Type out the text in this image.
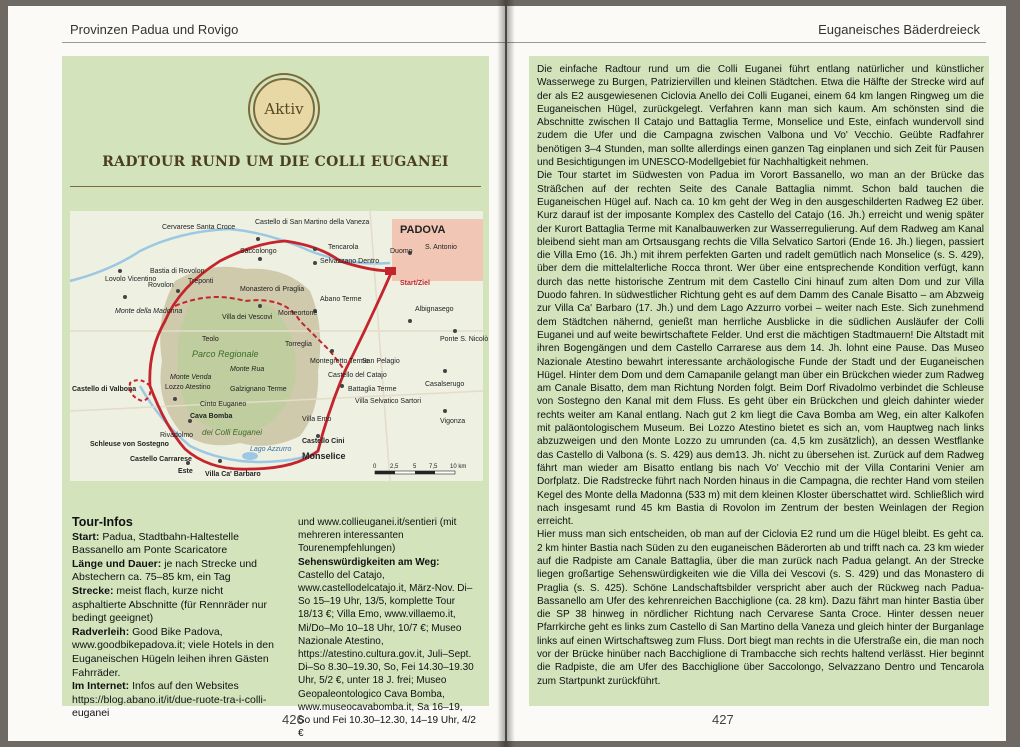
Provinzen Padua und Rovigo
Aktiv
RADTOUR RUND UM DIE COLLI EUGANEI
PADOVA
Duomo
S. Antonio
Start/Ziel
Cervarese Santa Croce
Castello di San Martino della Vaneza
Saccolongo
Selvazzano Dentro
Tencarola
Bastia di Rovolon
Lovolo Vicentino
Rovolon
Treponti
Monastero di Praglia
Monte della Madonna
Villa dei Vescovi
Abano Terme
Monteortone
Teolo
Parco Regionale
Monte Rua
Torreglia
Montegrotto Terme
Monte Venda
Galzignano Terme
Castello del Catajo
Battaglia Terme
Villa Selvatico Sartori
Villa Emo
Castello di Valbona	Lozzo Atestino
Cinto Euganeo
Cava Bomba
dei Colli Euganei
Schleuse von Sostegno
Rivadolmo
Castello Carrarese
Lago Azzurro
Este Villa Ca' Barbaro
Castello Cini
Monselice
San Pelagio
Albignasego
Ponte S. Nicolò
Casalserugo
Vigonza
0 2,5 5 7,5 10 km
Start/Ziel
Tour-Infos
Start: Padua, Stadtbahn-Haltestelle Bassanello am Ponte Scaricatore
Länge und Dauer: je nach Strecke und Abstechern ca. 75–85 km, ein Tag
Strecke: meist flach, kurze nicht asphaltierte Abschnitte (für Rennräder nur bedingt geeignet)
Radverleih: Good Bike Padova, www.goodbikepadova.it; viele Hotels in den Euganeischen Hügeln leihen ihren Gästen Fahrräder.
Im Internet: Infos auf den Websites https://blog.abano.it/it/due-ruote-tra-i-colli-euganei
und www.collieuganei.it/sentieri (mit mehreren interessanten Tourenempfehlungen)
Sehenswürdigkeiten am Weg: Castello del Catajo, www.castellodelcatajo.it, März-Nov. Di–So 15–19 Uhr, 13/5, komplette Tour 18/13 €; Villa Emo, www.villaemo.it, Mi/Do–Mo 10–18 Uhr, 10/7 €; Museo Nazionale Atestino, https://atestino.cultura.gov.it, Juli–Sept. Di–So 8.30–19.30, So, Fei 14.30–19.30 Uhr, 5/2 €, unter 18 J. frei; Museo Geopaleontologico Cava Bomba, www.museocavabomba.it, Sa 16–19, So und Fei 10.30–12.30, 14–19 Uhr, 4/2 €
426
Euganeisches Bäderdreieck

Die einfache Radtour rund um die Colli Euganei führt entlang natürlicher und künstlicher Wasserwege zu Burgen, Patriziervillen und kleinen Städtchen. Etwa die Hälfte der Strecke wird auf der als E2 ausgewiesenen Ciclovia Anello dei Colli Euganei, einem 64 km langen Ringweg um die Euganeischen Hügel, zurückgelegt. Verfahren kann man sich kaum. Am schönsten sind die Abschnitte zwischen Il Catajo und Battaglia Terme, Monselice und Este, einfach wundervoll sind zudem die Ufer und die Campagna zwischen Valbona und Vo' Vecchio. Geübte Radfahrer benötigen 3–4 Stunden, man sollte allerdings einen ganzen Tag einplanen und sich Zeit für Pausen und Besichtigungen im UNESCO-Modellgebiet für Nachhaltigkeit nehmen.

Die Tour startet im Südwesten von Padua im Vorort Bassanello, wo man an der Brücke das Sträßchen auf der rechten Seite des Canale Battaglia nimmt. Schon bald tauchen die Euganeischen Hügel auf. Nach ca. 10 km geht der Weg in den ausgeschilderten Radweg E2 über. Kurz darauf ist der imposante Komplex des Castello del Catajo (16. Jh.) erreicht und wenig später der Kurort Battaglia Terme mit Kanalbauwerken zur Wasserregulierung. Auf dem Radweg am Kanal bleibend sieht man am Ortsausgang rechts die Villa Selvatico Sartori (Ende 16. Jh.) liegen, passiert die Villa Emo (16. Jh.) mit ihrem perfekten Garten und radelt gemütlich nach Monselice (s. S. 429), über dem die mittelalterliche Rocca thront. Wer über eine entsprechende Kondition verfügt, kann durch das nette historische Zentrum mit dem Castello Cini hinauf zum alten Dom und zur Villa Duodo fahren. In südwestlicher Richtung geht es auf dem Damm des Canale Bisatto – am Abzweig zur Villa Ca' Barbaro (17. Jh.) und dem Lago Azzurro vorbei – weiter nach Este. Sich zunehmend dem Städtchen nähernd, genießt man herrliche Ausblicke in die südlichen Ausläufer der Colli Euganei und auf weite bewirtschaftete Felder. Und erst die mächtigen Stadtmauern! Die Altstadt mit ihren Bogengängen und dem Castello Carrarese aus dem 14. Jh. lohnt eine Pause. Das Museo Nazionale Atestino bewahrt interessante archäologische Funde der Stadt und der Euganeischen Hügel. Hinter dem Dom und dem Camapanile gelangt man über ein Brückchen wieder zum Radweg am Canale Bisatto, dem man Richtung Norden folgt. Beim Dorf Rivadolmo verbindet die Schleuse von Sostegno den Kanal mit dem Fluss. Es geht über ein Brückchen und gleich dahinter wieder rechts weiter am Kanal entlang. Nach gut 2 km liegt die Cava Bomba am Weg, ein alter Kalkofen mit paläontologischem Museum. Bei Lozzo Atestino bietet es sich an, vom Hauptweg nach links abzuzweigen und den Monte Lozzo zu umrunden (ca. 4,5 km zusätzlich), an dessen Westflanke das Castello di Valbona (s. S. 429) aus dem13. Jh. nicht zu übersehen ist. Zurück auf dem Radweg fährt man wieder am Bisatto entlang bis nach Vo' Vecchio mit der Villa Contarini Venier am Dorfplatz. Die Radstrecke führt nach Norden hinaus in die Campagna, die rechter Hand vom steilen Kegel des Monte della Madonna (533 m) mit dem kleinen Kloster überschattet wird. Schließlich wird nach insgesamt rund 45 km Bastia di Rovolon im Zentrum der besten Weinlagen der Region erreicht.

Hier muss man sich entscheiden, ob man auf der Ciclovia E2 rund um die Hügel bleibt. Es geht ca. 2 km hinter Bastia nach Süden zu den euganeischen Bäderorten ab und trifft nach ca. 23 km wieder auf die Radpiste am Canale Battaglia, über die man zurück nach Padua gelangt. An der Strecke liegen großartige Sehenswürdigkeiten wie die Villa dei Vescovi (s. S. 429) und das Monastero di Praglia (s. S. 425). Schöne Landschaftsbilder verspricht aber auch der Rückweg nach Padua-Bassanello am Ufer des kehrenreichen Bacchiglione (ca. 28 km). Dazu fährt man hinter Bastia über die SP 38 hinweg in nördlicher Richtung nach Cervarese Santa Croce. Hinter dessen neuer Pfarrkirche geht es links zum Castello di San Martino della Vaneza und gleich hinter der Burganlage links auf einen Wirtschaftsweg zum Fluss. Dort biegt man rechts in die Uferstraße ein, die man noch vor der Brücke hinüber nach Bacchiglione di Trambacche sich rechts haltend verlässt. Hier beginnt die Radpiste, die am Ufer des Bacchiglione über Saccolongo, Selvazzano Dentro und Tencarola zum Startpunkt zurückführt.

427
